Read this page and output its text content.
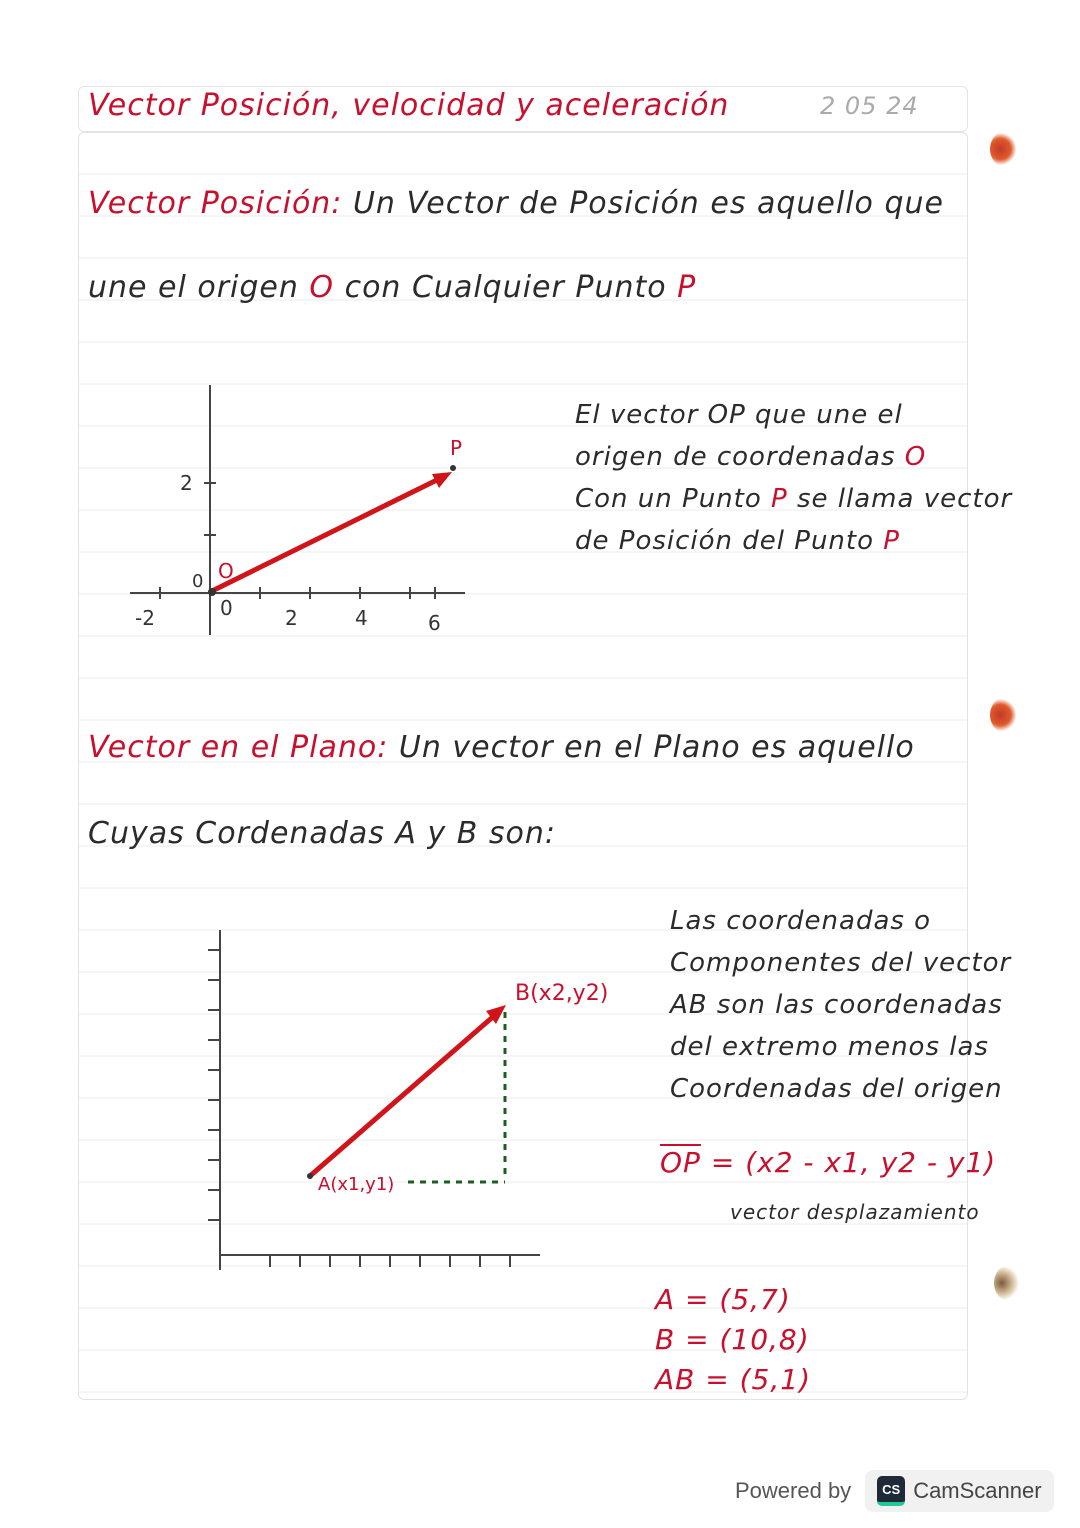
Vector Posición, velocidad y aceleración	2 05 24
Vector Posición: Un Vector de Posición es aquello que
une el origen O con Cualquier Punto P
-2	0	2	4	6
2
0
P
O
El vector OP que une el
origen de coordenadas O
Con un Punto P se llama vector
de Posición del Punto P
Vector en el Plano: Un vector en el Plano es aquello
Cuyas Cordenadas A y B son:
A(x1,y1)
B(x2,y2)
Las coordenadas o
Componentes del vector
AB son las coordenadas
del extremo menos las
Coordenadas del origen
$\overline{OP} = (x2 - x1$, y2 - y1)
vector desplazamiento
A = (5,7)
B = (10,8)
AB = (5,1)
Powered by	CS CamScanner
